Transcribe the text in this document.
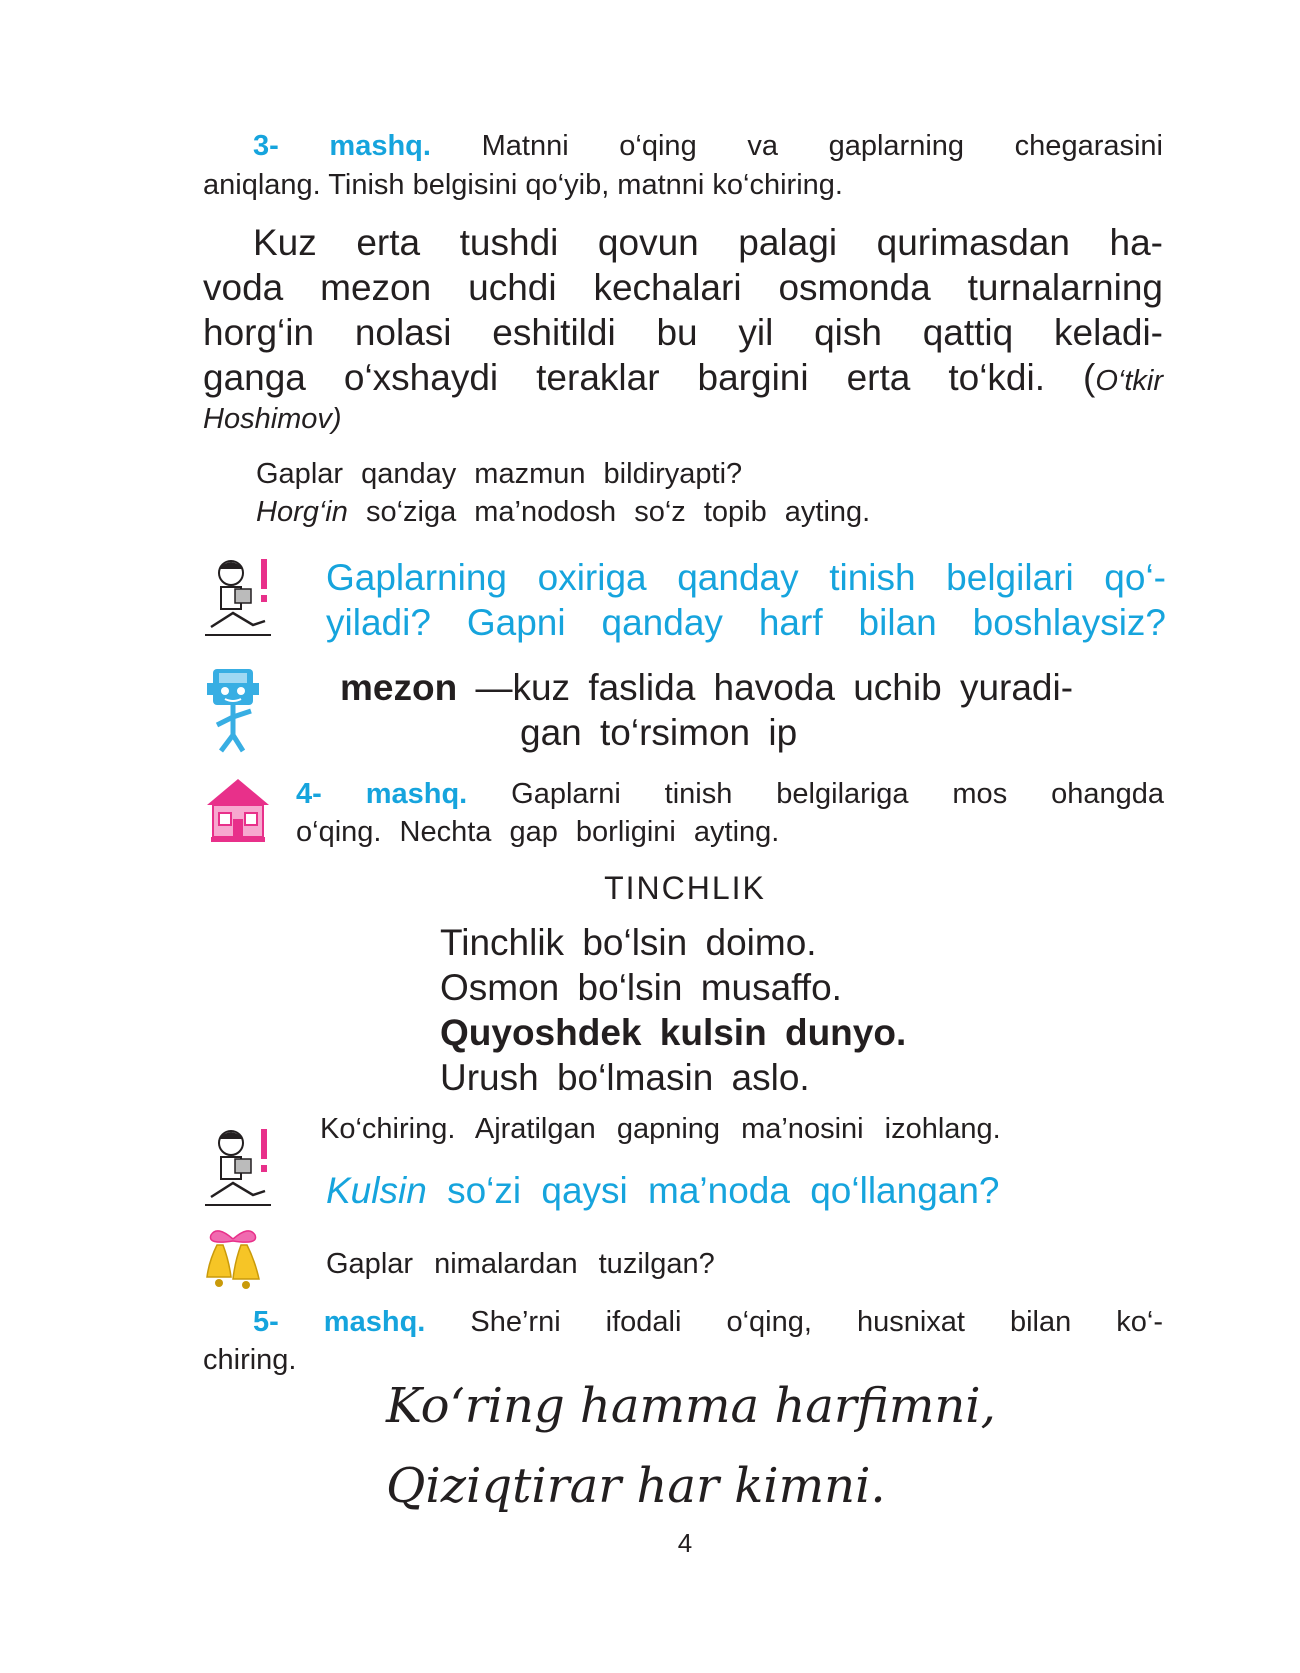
3- mashq. Matnni o‘qing va gaplarning chegarasini
aniqlang. Tinish belgisini qo‘yib, matnni ko‘chiring.
Kuz erta tushdi qovun palagi qurimasdan ha-
voda mezon uchdi kechalari osmonda turnalarning
horg‘in nolasi eshitildi bu yil qish qattiq keladi-
ganga o‘xshaydi teraklar bargini erta to‘kdi. (O‘tkir
Hoshimov)
Gaplar qanday mazmun bildiryapti?
Horg‘in so‘ziga ma’nodosh so‘z topib ayting.
Gaplarning oxiriga qanday tinish belgilari qo‘-
yiladi? Gapni qanday harf bilan boshlaysiz?
mezon —kuz faslida havoda uchib yuradi-
gan to‘rsimon ip
4- mashq. Gaplarni tinish belgilariga mos ohangda
o‘qing. Nechta gap borligini ayting.
TINCHLIK
Tinchlik bo‘lsin doimo.
Osmon bo‘lsin musaffo.
Quyoshdek kulsin dunyo.
Urush bo‘lmasin aslo.
Ko‘chiring. Ajratilgan gapning ma’nosini izohlang.
Kulsin so‘zi qaysi ma’noda qo‘llangan?
Gaplar nimalardan tuzilgan?
5- mashq. She’rni ifodali o‘qing, husnixat bilan ko‘-
chiring.
Ko‘ring hamma harfimni,
Qiziqtirar har kimni.
4
